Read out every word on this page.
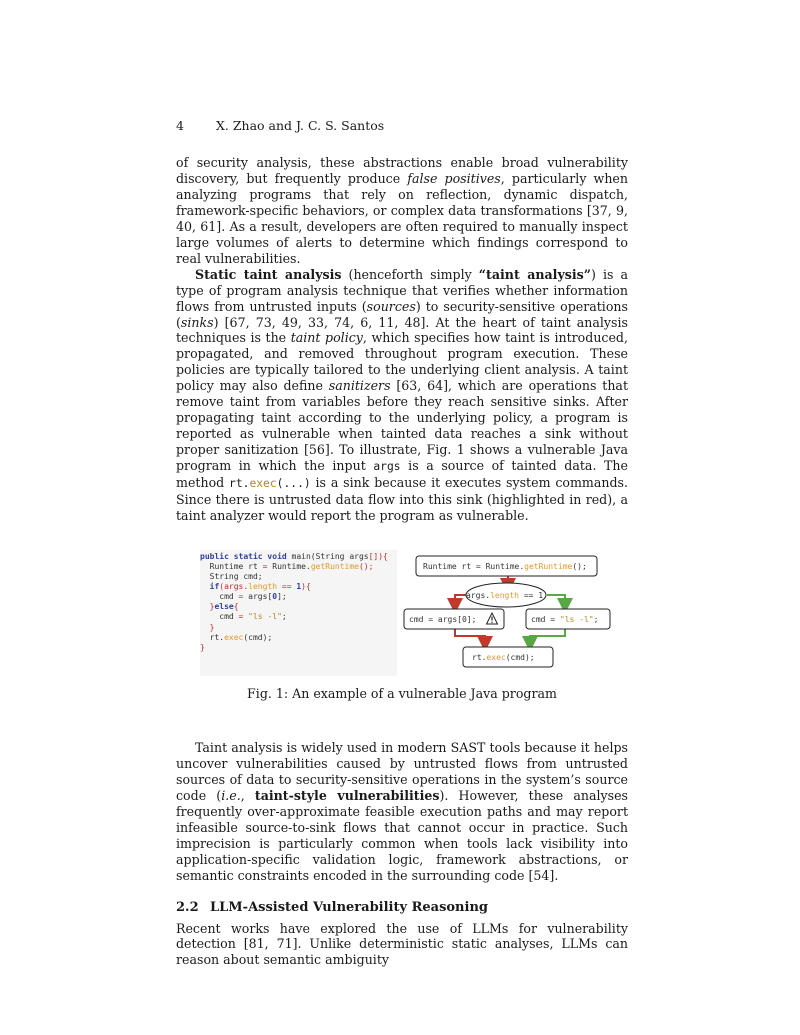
4	X. Zhao and J. C. S. Santos

of security analysis, these abstractions enable broad vulnerability discovery, but frequently produce false positives, particularly when analyzing programs that rely on reflection, dynamic dispatch, framework-specific behaviors, or complex data transformations [37, 9, 40, 61]. As a result, developers are often required to manually inspect large volumes of alerts to determine which findings correspond to real vulnerabilities.

Static taint analysis (henceforth simply “taint analysis”) is a type of program analysis technique that verifies whether information flows from untrusted inputs (sources) to security-sensitive operations (sinks) [67, 73, 49, 33, 74, 6, 11, 48]. At the heart of taint analysis techniques is the taint policy, which specifies how taint is introduced, propagated, and removed throughout program execution. These policies are typically tailored to the underlying client analysis. A taint policy may also define sanitizers [63, 64], which are operations that remove taint from variables before they reach sensitive sinks. After propagating taint according to the underlying policy, a program is reported as vulnerable when tainted data reaches a sink without proper sanitization [56]. To illustrate, Fig. 1 shows a vulnerable Java program in which the input args is a source of tainted data. The method rt.exec(...) is a sink because it executes system commands. Since there is untrusted data flow into this sink (highlighted in red), a taint analyzer would report the program as vulnerable.

public static void main(String args[]){
Runtime rt = Runtime.getRuntime();
String cmd;
if(args.length == 1){
cmd = args[0];
}else{
cmd = "ls -l";
}
rt.exec(cmd);
}
Runtime rt = Runtime.getRuntime();
args.length == 1
cmd = args[0];	cmd = "ls -l";
rt.exec(cmd);
Fig. 1: An example of a vulnerable Java program

Taint analysis is widely used in modern SAST tools because it helps uncover vulnerabilities caused by untrusted flows from untrusted sources of data to security-sensitive operations in the system’s source code (i.e., taint-style vulnerabilities). However, these analyses frequently over-approximate feasible execution paths and may report infeasible source-to-sink flows that cannot occur in practice. Such imprecision is particularly common when tools lack visibility into application-specific validation logic, framework abstractions, or semantic constraints encoded in the surrounding code [54].

2.2 LLM-Assisted Vulnerability Reasoning

Recent works have explored the use of LLMs for vulnerability detection [81, 71]. Unlike deterministic static analyses, LLMs can reason about semantic ambiguity
